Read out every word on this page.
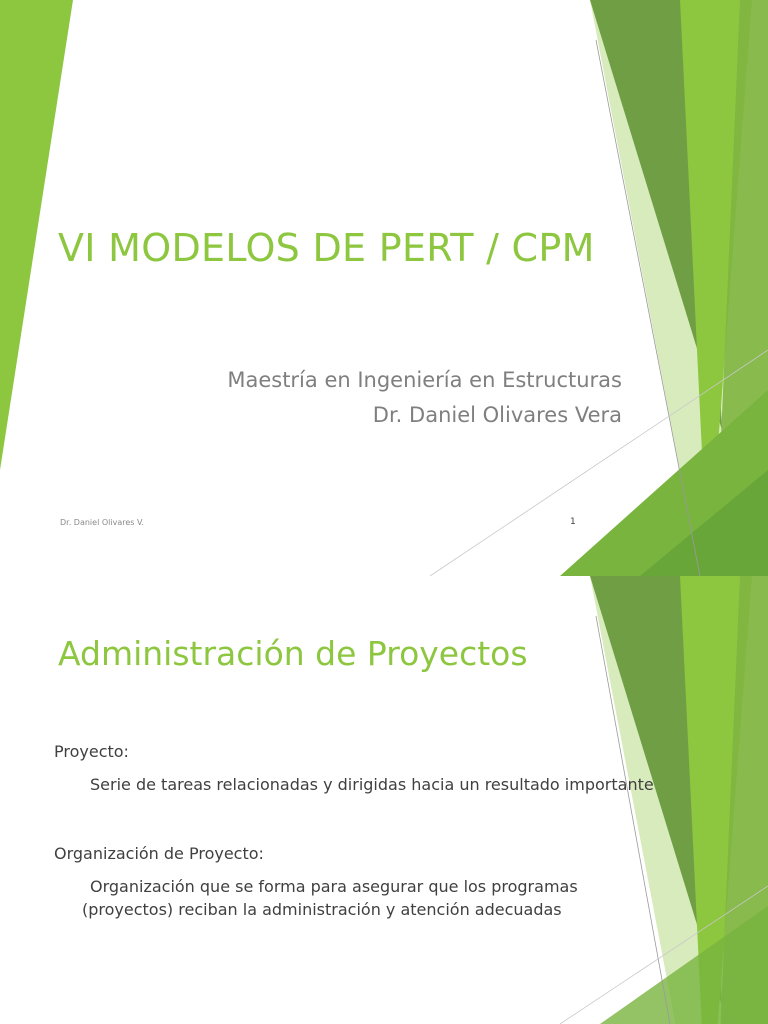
VI MODELOS DE PERT / CPM
Maestría en Ingeniería en Estructuras
Dr. Daniel Olivares Vera
Dr. Daniel Olivares V.	1
Administración de Proyectos
Proyecto:
Serie de tareas relacionadas y dirigidas hacia un resultado importante
Organización de Proyecto:
Organización que se forma para asegurar que los programas
(proyectos) reciban la administración y atención adecuadas
